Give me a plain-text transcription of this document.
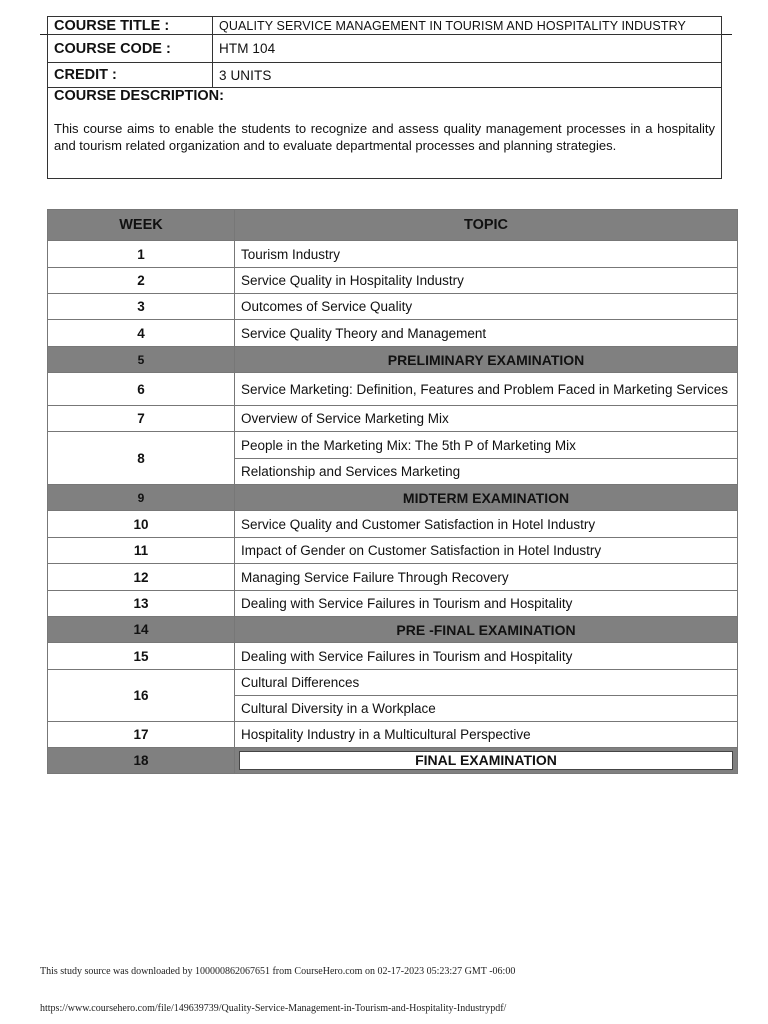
COURSE TITLE :	QUALITY SERVICE MANAGEMENT IN TOURISM AND HOSPITALITY INDUSTRY
COURSE CODE :	HTM 104
CREDIT :	3 UNITS

COURSE DESCRIPTION:
This course aims to enable the students to recognize and assess quality management processes in a hospitality and tourism related organization and to evaluate departmental processes and planning strategies.	
WEEK	TOPIC
1	Tourism Industry
2	Service Quality in Hospitality Industry
3	Outcomes of Service Quality
4	Service Quality Theory and Management
5	PRELIMINARY EXAMINATION
6	Service Marketing: Definition, Features and Problem Faced in Marketing Services
7	Overview of Service Marketing Mix
8	People in the Marketing Mix: The 5th P of Marketing Mix
	Relationship and Services Marketing
9	MIDTERM EXAMINATION
10	Service Quality and Customer Satisfaction in Hotel Industry
11	Impact of Gender on Customer Satisfaction in Hotel Industry
12	Managing Service Failure Through Recovery
13	Dealing with Service Failures in Tourism and Hospitality
14	PRE -FINAL EXAMINATION
15	Dealing with Service Failures in Tourism and Hospitality
16	Cultural Differences
	Cultural Diversity in a Workplace
17	Hospitality Industry in a Multicultural Perspective
18	FINAL EXAMINATION
This study source was downloaded by 100000862067651 from CourseHero.com on 02-17-2023 05:23:27 GMT -06:00
https://www.coursehero.com/file/149639739/Quality-Service-Management-in-Tourism-and-Hospitality-Industrypdf/
